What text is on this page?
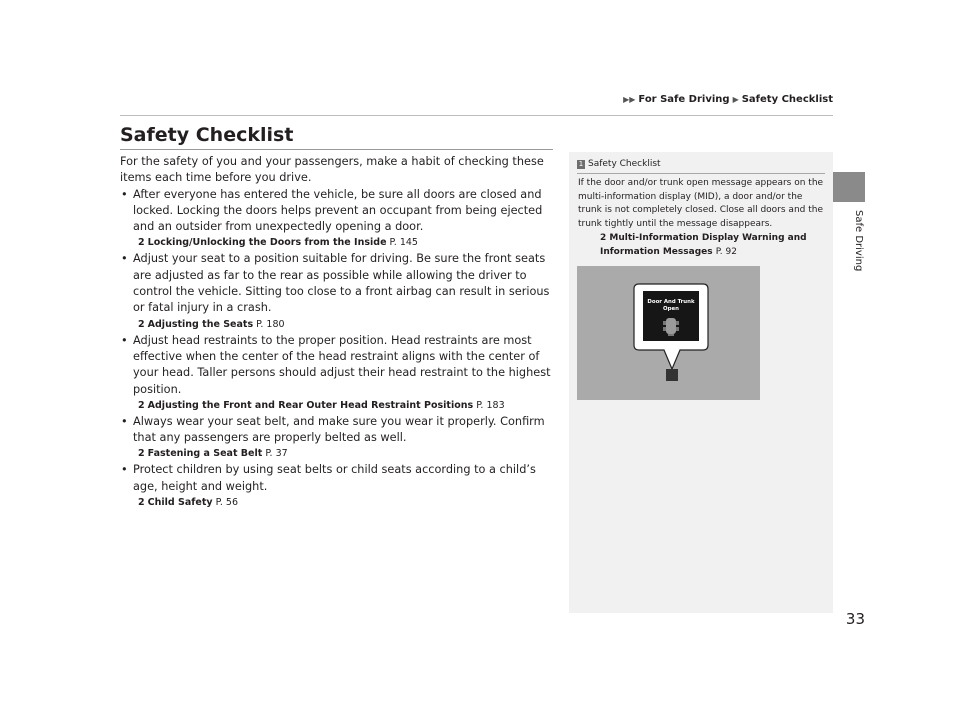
▶▶ For Safe Driving ▶ Safety Checklist
Safe Driving
Safety Checklist

For the safety of you and your passengers, make a habit of checking these items each time before you drive.

• After everyone has entered the vehicle, be sure all doors are closed and locked. Locking the doors helps prevent an occupant from being ejected and an outsider from unexpectedly opening a door.
2 Locking/Unlocking the Doors from the Inside P. 145
• Adjust your seat to a position suitable for driving. Be sure the front seats are adjusted as far to the rear as possible while allowing the driver to control the vehicle. Sitting too close to a front airbag can result in serious or fatal injury in a crash.
2 Adjusting the Seats P. 180
• Adjust head restraints to the proper position. Head restraints are most effective when the center of the head restraint aligns with the center of your head. Taller persons should adjust their head restraint to the highest position.
2 Adjusting the Front and Rear Outer Head Restraint Positions P. 183
• Always wear your seat belt, and make sure you wear it properly. Confirm that any passengers are properly belted as well.
2 Fastening a Seat Belt P. 37
• Protect children by using seat belts or child seats according to a child’s age, height and weight.
2 Child Safety P. 56
1 Safety Checklist
If the door and/or trunk open message appears on the multi-information display (MID), a door and/or the trunk is not completely closed. Close all doors and the trunk tightly until the message disappears.
2 Multi-Information Display Warning and Information Messages P. 92
Door And Trunk
Open
33
